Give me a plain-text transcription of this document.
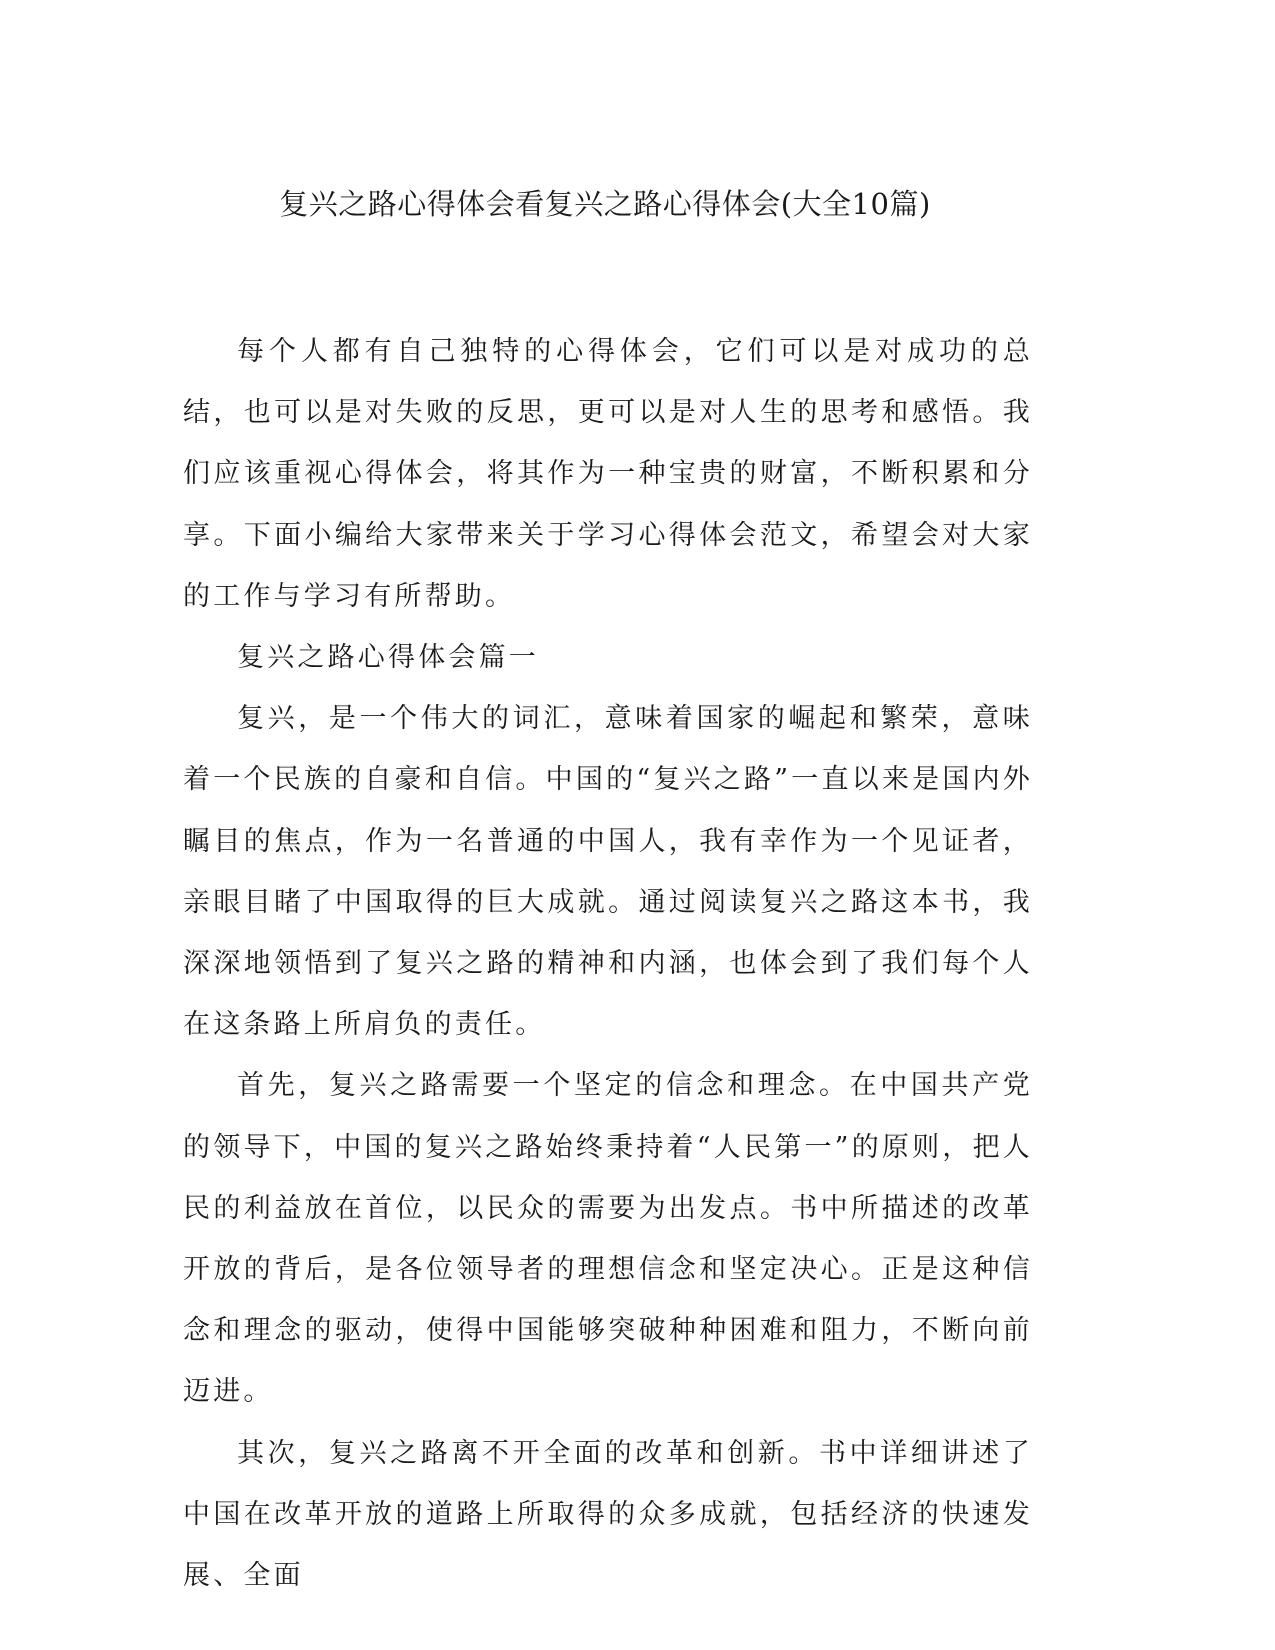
复兴之路心得体会看复兴之路心得体会(大全10篇)

每个人都有自己独特的心得体会，它们可以是对成功的总结，也可以是对失败的反思，更可以是对人生的思考和感悟。我们应该重视心得体会，将其作为一种宝贵的财富，不断积累和分享。下面小编给大家带来关于学习心得体会范文，希望会对大家的工作与学习有所帮助。

复兴之路心得体会篇一

复兴，是一个伟大的词汇，意味着国家的崛起和繁荣，意味着一个民族的自豪和自信。中国的“复兴之路”一直以来是国内外瞩目的焦点，作为一名普通的中国人，我有幸作为一个见证者，亲眼目睹了中国取得的巨大成就。通过阅读复兴之路这本书，我深深地领悟到了复兴之路的精神和内涵，也体会到了我们每个人在这条路上所肩负的责任。

首先，复兴之路需要一个坚定的信念和理念。在中国共产党的领导下，中国的复兴之路始终秉持着“人民第一”的原则，把人民的利益放在首位，以民众的需要为出发点。书中所描述的改革开放的背后，是各位领导者的理想信念和坚定决心。正是这种信念和理念的驱动，使得中国能够突破种种困难和阻力，不断向前迈进。

其次，复兴之路离不开全面的改革和创新。书中详细讲述了中国在改革开放的道路上所取得的众多成就，包括经济的快速发展、全面
